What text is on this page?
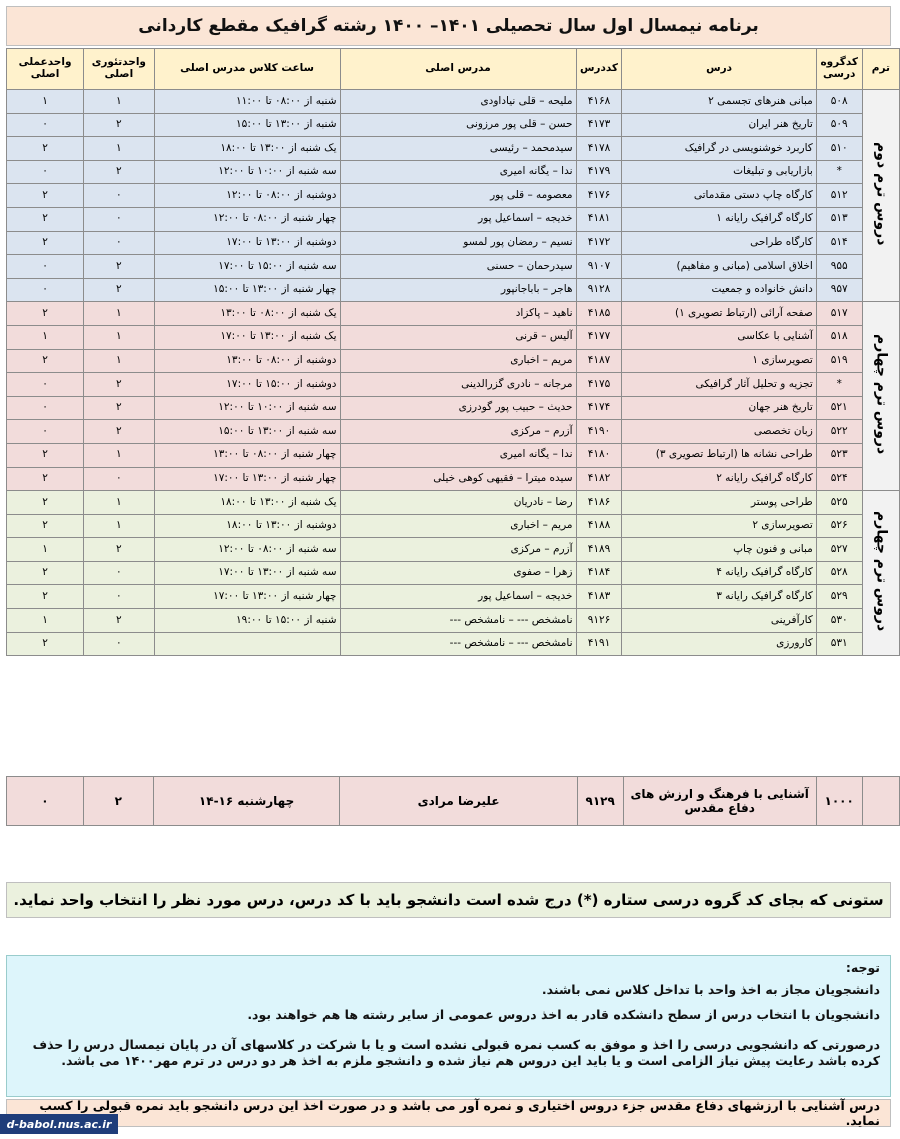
برنامه نیمسال اول سال تحصیلی ۱۴۰۱– ۱۴۰۰ رشته گرافیک مقطع کاردانی
ترم	کدگروه درسی	درس	کددرس	مدرس اصلی	ساعت کلاس مدرس اصلی	واحدتئوری اصلی	واحدعملی اصلی
دروس ترم دوم	۵۰۸	مبانی هنرهای تجسمی ۲	۴۱۶۸	ملیحه – قلی نیاداودی	شنبه از ۰۸:۰۰ تا ۱۱:۰۰	۱	۱
	۵۰۹	تاریخ هنر ایران	۴۱۷۳	حسن – قلی پور مرزونی	شنبه از ۱۳:۰۰ تا ۱۵:۰۰	۲	۰
	۵۱۰	کاربرد خوشنویسی در گرافیک	۴۱۷۸	سیدمحمد – رئیسی	یک شنبه از ۱۳:۰۰ تا ۱۸:۰۰	۱	۲
	*	بازاریابی و تبلیغات	۴۱۷۹	ندا – یگانه امیری	سه شنبه از ۱۰:۰۰ تا ۱۲:۰۰	۲	۰
	۵۱۲	کارگاه چاپ دستی مقدماتی	۴۱۷۶	معصومه – قلی پور	دوشنبه از ۰۸:۰۰ تا ۱۲:۰۰	۰	۲
	۵۱۳	کارگاه گرافیک رایانه ۱	۴۱۸۱	خدیجه – اسماعیل پور	چهار شنبه از ۰۸:۰۰ تا ۱۲:۰۰	۰	۲
	۵۱۴	کارگاه طراحی	۴۱۷۲	نسیم – رمضان پور لمسو	دوشنبه از ۱۳:۰۰ تا ۱۷:۰۰	۰	۲
	۹۵۵	اخلاق اسلامی (مبانی و مفاهیم)	۹۱۰۷	سیدرحمان – حسنی	سه شنبه از ۱۵:۰۰ تا ۱۷:۰۰	۲	۰
	۹۵۷	دانش خانواده و جمعیت	۹۱۲۸	هاجر – باباجانپور	چهار شنبه از ۱۳:۰۰ تا ۱۵:۰۰	۲	۰
دروس ترم چهارم	۵۱۷	صفحه آرائی (ارتباط تصویری ۱)	۴۱۸۵	ناهید – پاکزاد	یک شنبه از ۰۸:۰۰ تا ۱۳:۰۰	۱	۲
	۵۱۸	آشنایی با عکاسی	۴۱۷۷	آلیس – قرنی	یک شنبه از ۱۳:۰۰ تا ۱۷:۰۰	۱	۱
	۵۱۹	تصویرسازی ۱	۴۱۸۷	مریم – اخباری	دوشنبه از ۰۸:۰۰ تا ۱۳:۰۰	۱	۲
	*	تجزیه و تحلیل آثار گرافیکی	۴۱۷۵	مرجانه – نادری گزرالدینی	دوشنبه از ۱۵:۰۰ تا ۱۷:۰۰	۲	۰
	۵۲۱	تاریخ هنر جهان	۴۱۷۴	حدیث – حبیب پور گودرزی	سه شنبه از ۱۰:۰۰ تا ۱۲:۰۰	۲	۰
	۵۲۲	زبان تخصصی	۴۱۹۰	آزرم – مرکزی	سه شنبه از ۱۳:۰۰ تا ۱۵:۰۰	۲	۰
	۵۲۳	طراحی نشانه ها (ارتباط تصویری ۳)	۴۱۸۰	ندا – یگانه امیری	چهار شنبه از ۰۸:۰۰ تا ۱۳:۰۰	۱	۲
	۵۲۴	کارگاه گرافیک رایانه ۲	۴۱۸۲	سیده میترا – فقیهی کوهی خیلی	چهار شنبه از ۱۳:۰۰ تا ۱۷:۰۰	۰	۲
دروس ترم چهارم	۵۲۵	طراحی پوستر	۴۱۸۶	رضا – نادریان	یک شنبه از ۱۳:۰۰ تا ۱۸:۰۰	۱	۲
	۵۲۶	تصویرسازی ۲	۴۱۸۸	مریم – اخباری	دوشنبه از ۱۳:۰۰ تا ۱۸:۰۰	۱	۲
	۵۲۷	مبانی و فنون چاپ	۴۱۸۹	آزرم – مرکزی	سه شنبه از ۰۸:۰۰ تا ۱۲:۰۰	۲	۱
	۵۲۸	کارگاه گرافیک رایانه ۴	۴۱۸۴	زهرا – صفوی	سه شنبه از ۱۳:۰۰ تا ۱۷:۰۰	۰	۲
	۵۲۹	کارگاه گرافیک رایانه ۳	۴۱۸۳	خدیجه – اسماعیل پور	چهار شنبه از ۱۳:۰۰ تا ۱۷:۰۰	۰	۲
	۵۳۰	کارآفرینی	۹۱۲۶	نامشخص --- – نامشخص ---	شنبه از ۱۵:۰۰ تا ۱۹:۰۰	۲	۱
	۵۳۱	کارورزی	۴۱۹۱	نامشخص --- – نامشخص ---		۰	۲
	۱۰۰۰	آشنایی با فرهنگ و ارزش های دفاع مقدس	۹۱۲۹	علیرضا مرادی	چهارشنبه ۱۶-۱۴	۲	۰
ستونی که بجای کد گروه درسی ستاره (*) درج شده است دانشجو باید با کد درس، درس مورد نظر را انتخاب واحد نماید.

توجه:

دانشجویان مجاز به اخذ واحد با تداخل کلاس نمی باشند.

دانشجویان با انتخاب درس از سطح دانشکده قادر به اخذ دروس عمومی از سایر رشته ها هم خواهند بود.

درصورتی که دانشجویی درسی را اخذ و موفق به کسب نمره قبولی نشده است و یا با شرکت در کلاسهای آن در پایان نیمسال درس را حذف کرده باشد رعایت پیش نیاز الزامی است و یا باید این دروس هم نیاز شده و دانشجو ملزم به اخذ هر دو درس در ترم مهر۱۴۰۰ می باشد.

درس آشنایی با ارزشهای دفاع مقدس جزء دروس اختیاری و نمره آور می باشد و در صورت اخذ این درس دانشجو باید نمره قبولی را کسب نماید.
d-babol.nus.ac.ir
